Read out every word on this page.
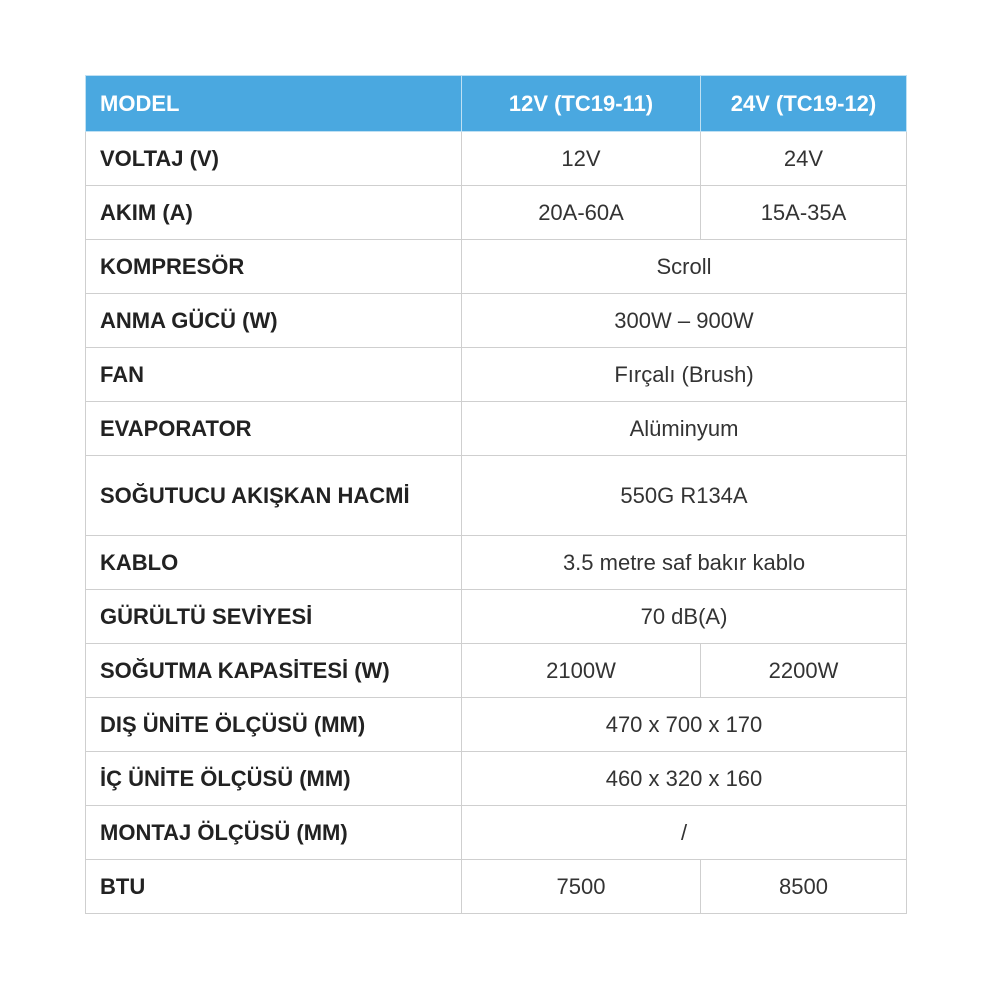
MODEL	12V (TC19-11)	24V (TC19-12)
VOLTAJ (V)	12V	24V
AKIM (A)	20A-60A	15A-35A
KOMPRESÖR	Scroll	
ANMA GÜCÜ (W)	300W – 900W	
FAN	Fırçalı (Brush)	
EVAPORATOR	Alüminyum	
SOĞUTUCU AKIŞKAN HACMİ	550G R134A	
KABLO	3.5 metre saf bakır kablo	
GÜRÜLTÜ SEVİYESİ	70 dB(A)	
SOĞUTMA KAPASİTESİ (W)	2100W	2200W
DIŞ ÜNİTE ÖLÇÜSÜ (MM)	470 x 700 x 170	
İÇ ÜNİTE ÖLÇÜSÜ (MM)	460 x 320 x 160	
MONTAJ ÖLÇÜSÜ (MM)	/	
BTU	7500	8500
